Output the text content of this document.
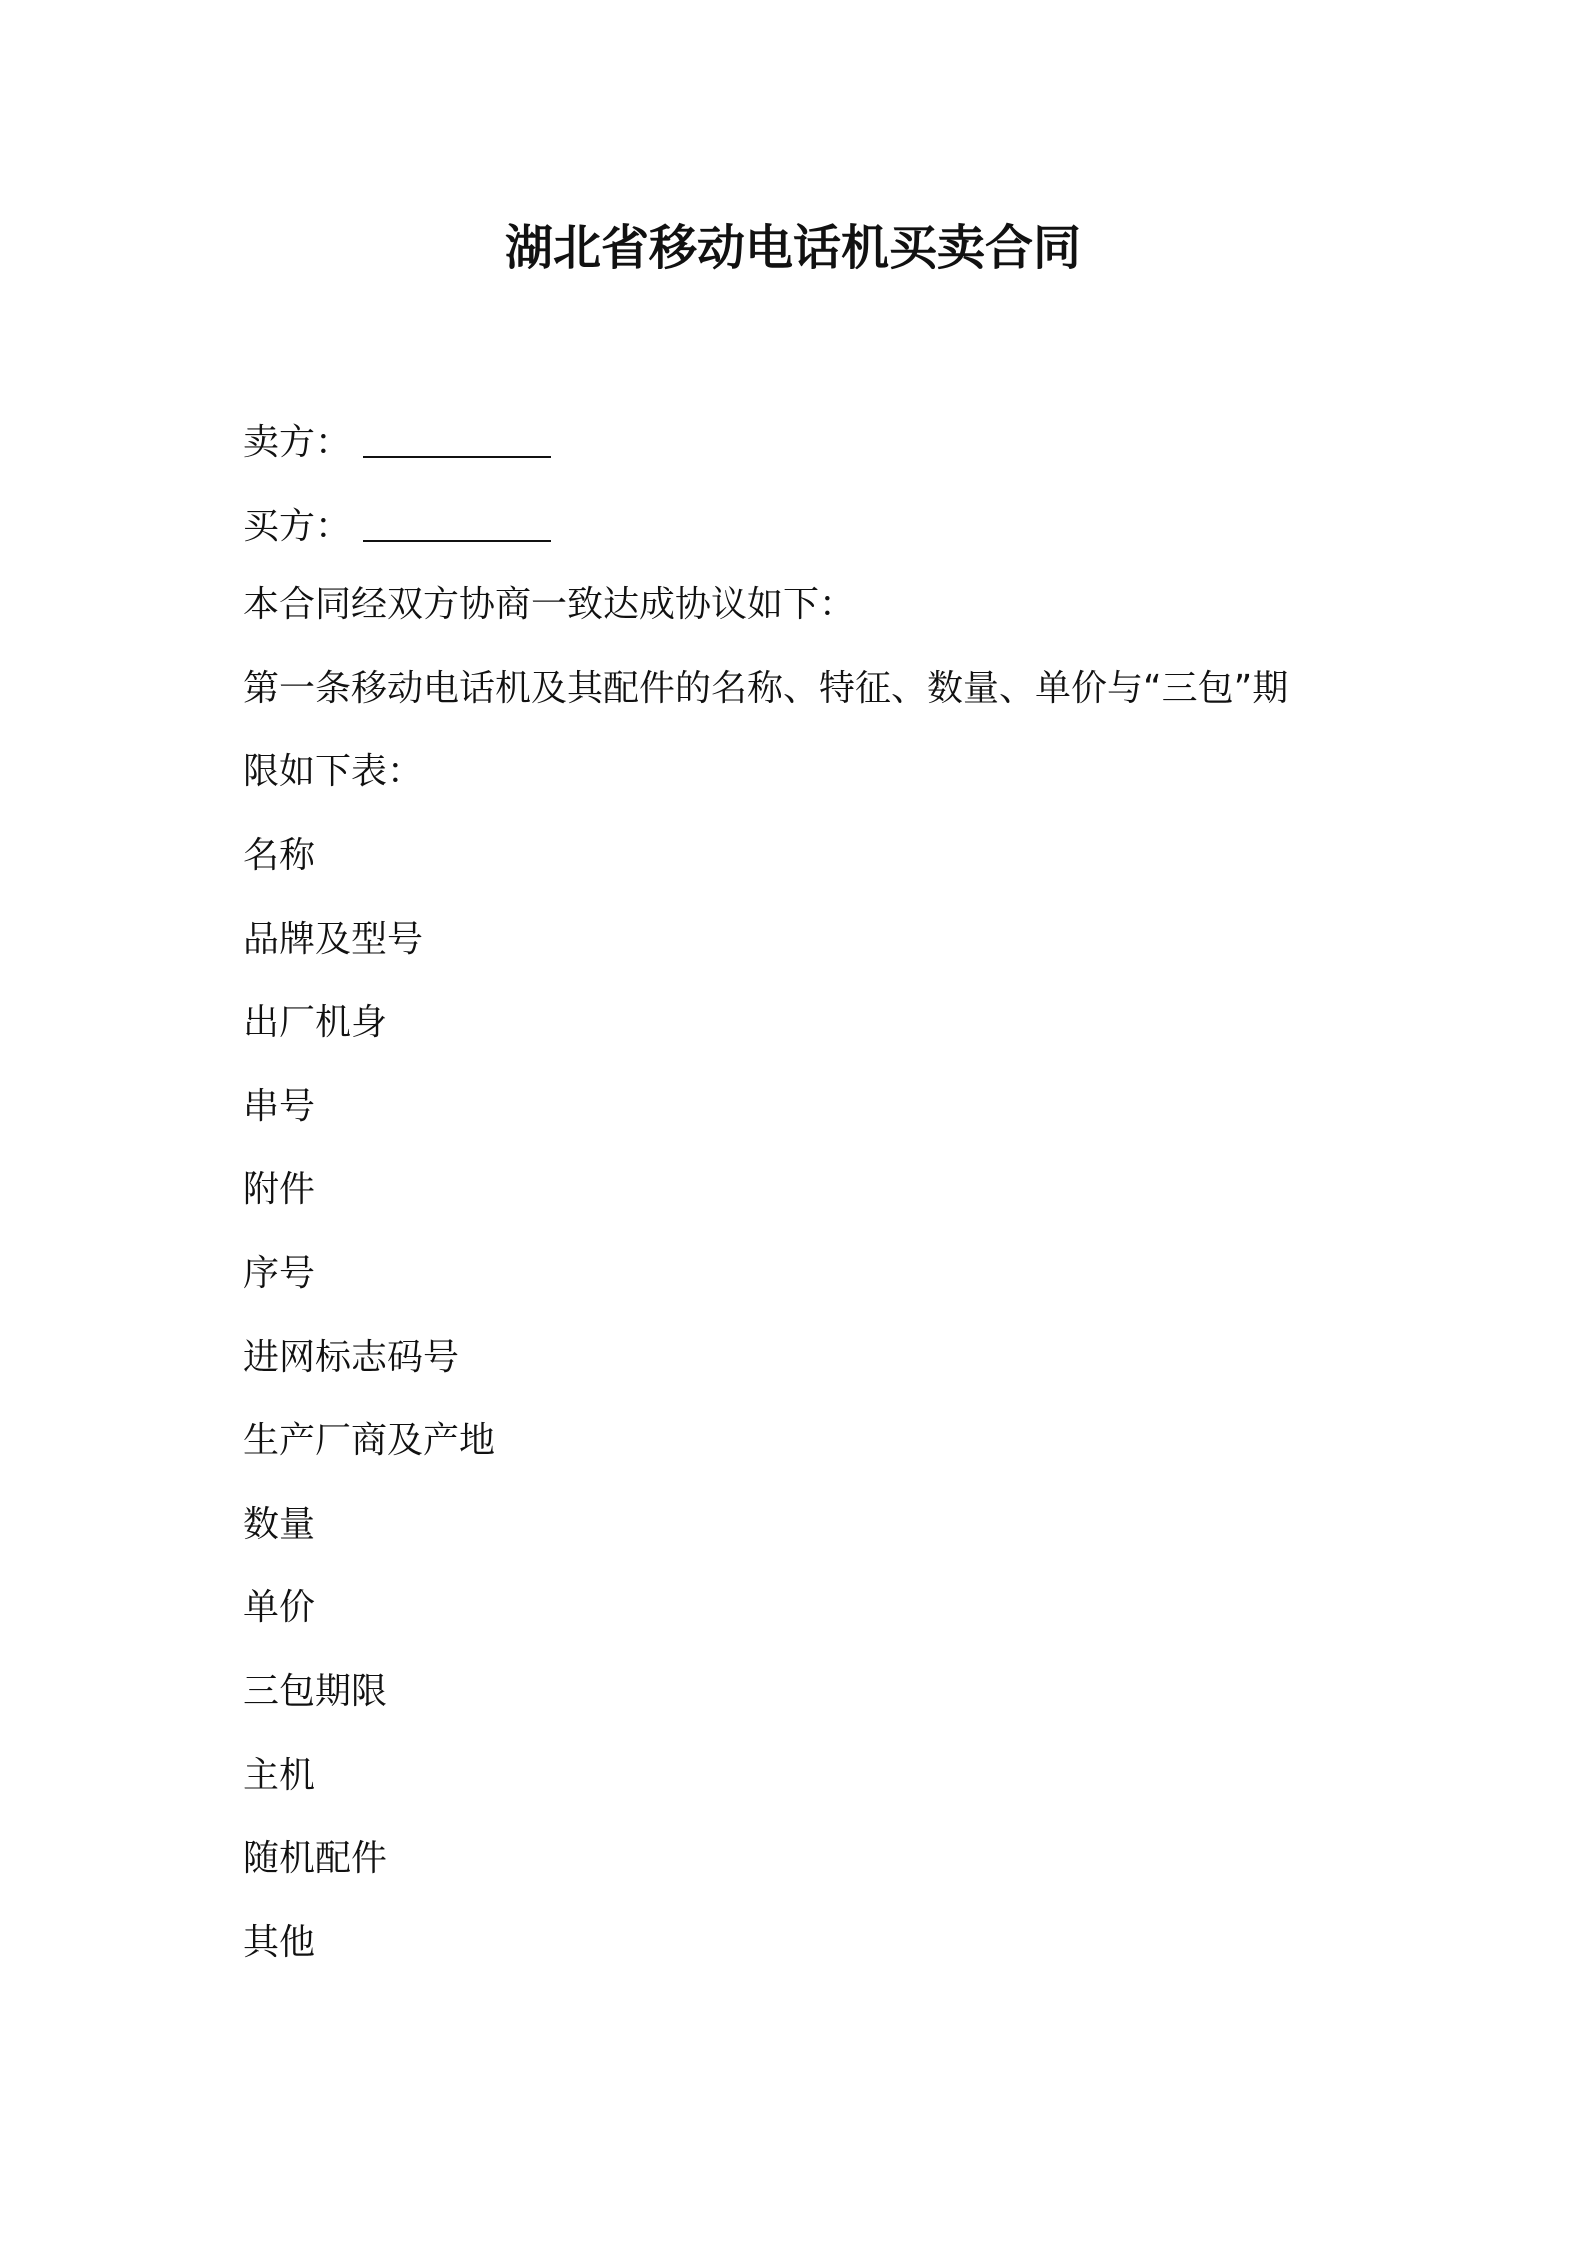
湖北省移动电话机买卖合同
卖方：
买方：
本合同经双方协商一致达成协议如下：
第一条移动电话机及其配件的名称、特征、数量、单价与“三包”期
限如下表：
名称
品牌及型号
出厂机身
串号
附件
序号
进网标志码号
生产厂商及产地
数量
单价
三包期限
主机
随机配件
其他
